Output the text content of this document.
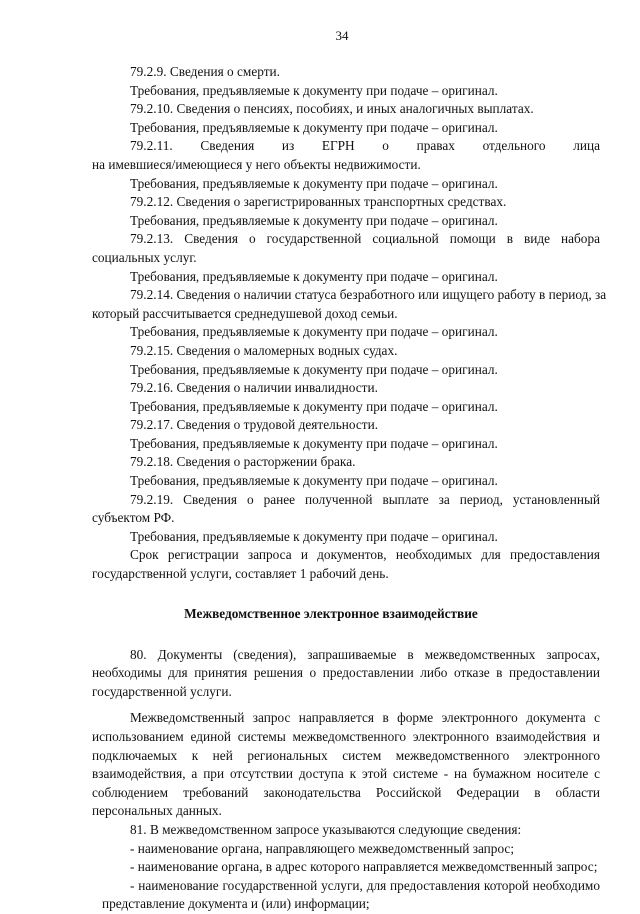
34
79.2.9. Сведения о смерти.
Требования, предъявляемые к документу при подаче – оригинал.
79.2.10. Сведения о пенсиях, пособиях, и иных аналогичных выплатах.
Требования, предъявляемые к документу при подаче – оригинал.
79.2.11. Сведения из ЕГРН о правах отдельного лица
на имевшиеся/имеющиеся у него объекты недвижимости.
Требования, предъявляемые к документу при подаче – оригинал.
79.2.12. Сведения о зарегистрированных транспортных средствах.
Требования, предъявляемые к документу при подаче – оригинал.
79.2.13. Сведения о государственной социальной помощи в виде набора
социальных услуг.
Требования, предъявляемые к документу при подаче – оригинал.
79.2.14. Сведения о наличии статуса безработного или ищущего работу в период, за
который рассчитывается среднедушевой доход семьи.
Требования, предъявляемые к документу при подаче – оригинал.
79.2.15. Сведения о маломерных водных судах.
Требования, предъявляемые к документу при подаче – оригинал.
79.2.16. Сведения о наличии инвалидности.
Требования, предъявляемые к документу при подаче – оригинал.
79.2.17. Сведения о трудовой деятельности.
Требования, предъявляемые к документу при подаче – оригинал.
79.2.18. Сведения о расторжении брака.
Требования, предъявляемые к документу при подаче – оригинал.
79.2.19. Сведения о ранее полученной выплате за период, установленный
субъектом РФ.
Требования, предъявляемые к документу при подаче – оригинал.
Срок регистрации запроса и документов, необходимых для предоставления
государственной услуги, составляет 1 рабочий день.
Межведомственное электронное взаимодействие
80. Документы (сведения), запрашиваемые в межведомственных запросах,
необходимы для принятия решения о предоставлении либо отказе в предоставлении
государственной услуги.
Межведомственный запрос направляется в форме электронного документа с
использованием единой системы межведомственного электронного взаимодействия и
подключаемых к ней региональных систем межведомственного электронного
взаимодействия, а при отсутствии доступа к этой системе - на бумажном носителе с
соблюдением требований законодательства Российской Федерации в области
персональных данных.
81. В межведомственном запросе указываются следующие сведения:
- наименование органа, направляющего межведомственный запрос;
- наименование органа, в адрес которого направляется межведомственный запрос;
- наименование государственной услуги, для предоставления которой необходимо
представление документа и (или) информации;
